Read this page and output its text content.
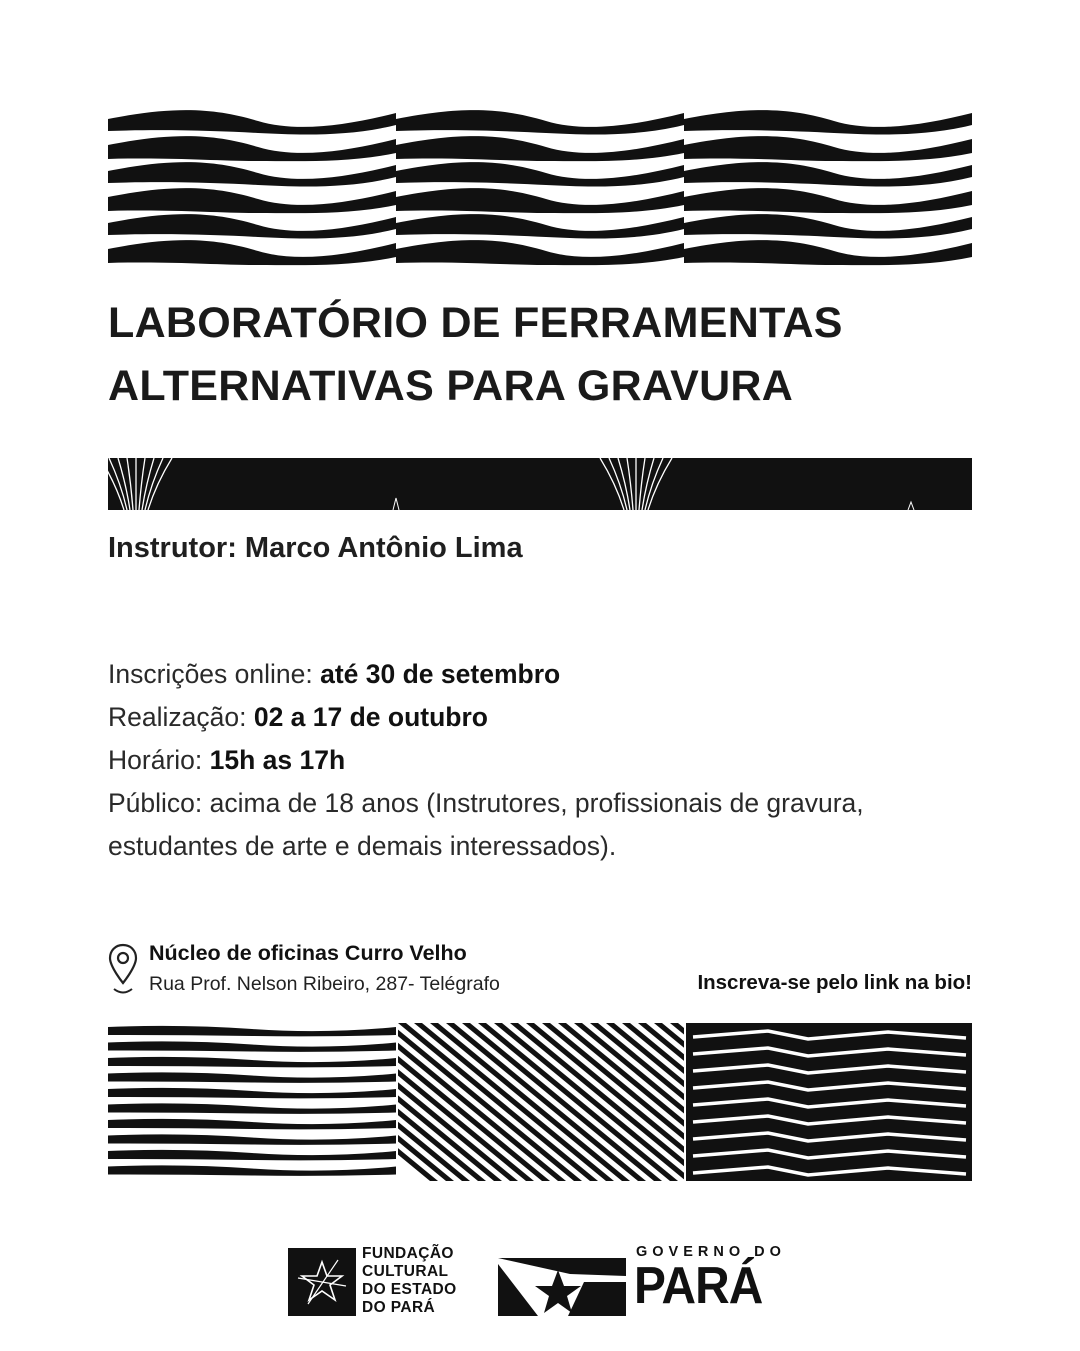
LABORATÓRIO DE FERRAMENTAS
ALTERNATIVAS PARA GRAVURA

Instrutor: Marco Antônio Lima

Inscrições online: até 30 de setembro
Realização: 02 a 17 de outubro
Horário: 15h as 17h
Público: acima de 18 anos (Instrutores, profissionais de gravura,
estudantes de arte e demais interessados).
Núcleo de oficinas Curro Velho
Rua Prof. Nelson Ribeiro, 287- Telégrafo	Inscreva-se pelo link na bio!
FUNDAÇÃO
CULTURAL
DO ESTADO
DO PARÁ
GOVERNO DO
PARÁ
